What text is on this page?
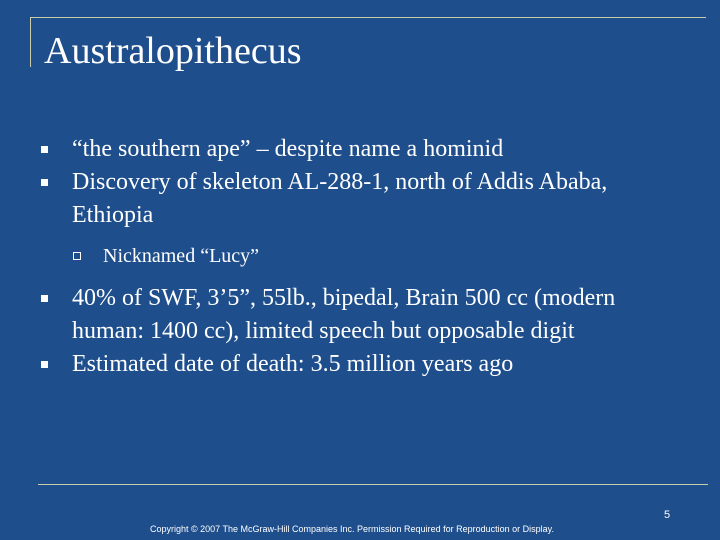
Australopithecus
“the southern ape” – despite name a hominid
Discovery of skeleton AL-288-1, north of Addis Ababa, Ethiopia
Nicknamed “Lucy”
40% of SWF, 3’5”, 55lb., bipedal, Brain 500 cc (modern human: 1400 cc), limited speech but opposable digit
Estimated date of death: 3.5 million years ago
5
Copyright © 2007 The McGraw-Hill Companies Inc. Permission Required for Reproduction or Display.
